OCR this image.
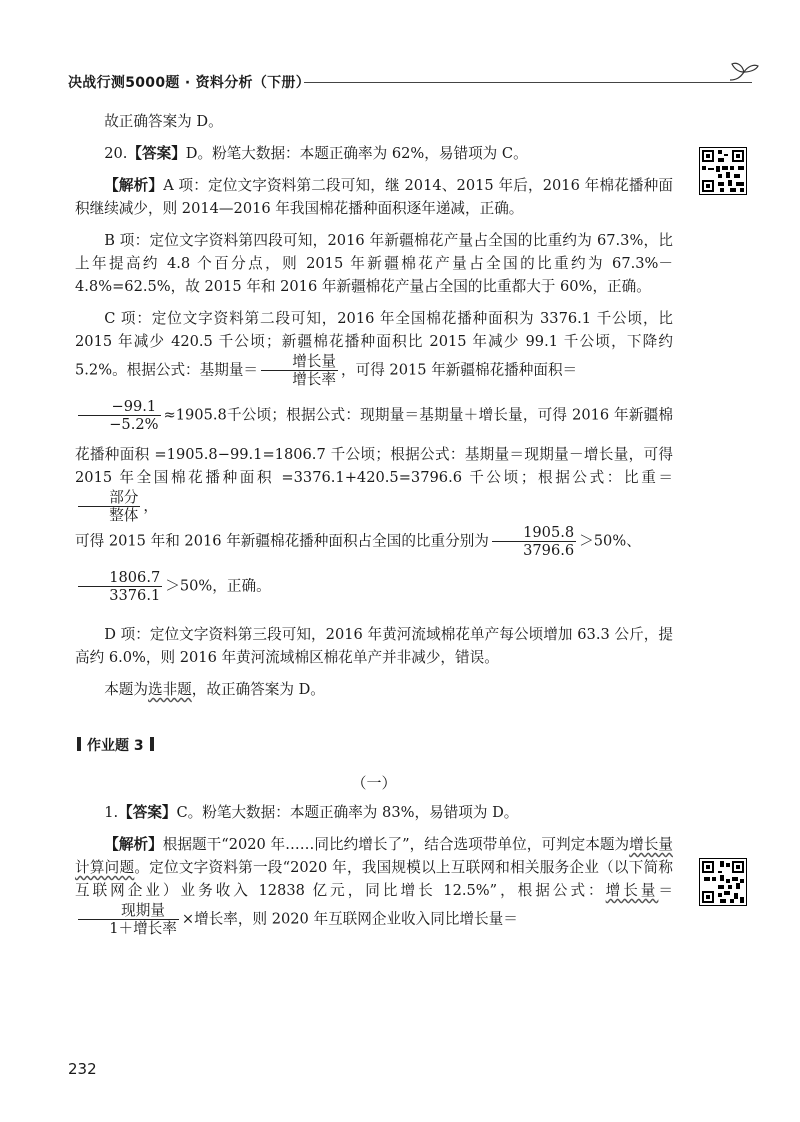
决战行测5000题 · 资料分析（下册）

故正确答案为 D。

20.【答案】D。粉笔大数据：本题正确率为 62%，易错项为 C。

【解析】A 项：定位文字资料第二段可知，继 2014、2015 年后，2016 年棉花播种面积继续减少，则 2014—2016 年我国棉花播种面积逐年递减，正确。

B 项：定位文字资料第四段可知，2016 年新疆棉花产量占全国的比重约为 67.3%，比上年提高约 4.8 个百分点，则 2015 年新疆棉花产量占全国的比重约为 67.3%－4.8%=62.5%，故 2015 年和 2016 年新疆棉花产量占全国的比重都大于 60%，正确。

C 项：定位文字资料第二段可知，2016 年全国棉花播种面积为 3376.1 千公顷，比 2015 年减少 420.5 千公顷；新疆棉花播种面积比 2015 年减少 99.1 千公顷，下降约 5.2%。根据公式：基期量＝ $\frac{\text{增长量}}{\text{增长率}}$ ，可得 2015 年新疆棉花播种面积＝

$\frac{-99.1}{-5.2\%} \approx 1905.8$千公顷；根据公式：现期量＝基期量＋增长量，可得 2016 年新疆棉花播种面积 =1905.8−99.1=1806.7 千公顷；根据公式：基期量＝现期量－增长量，可得 2015 年全国棉花播种面积 =3376.1+420.5=3796.6 千公顷；根据公式：比重＝
$\frac{\text{部分}}{\text{整体}}$ ，
可得 2015 年和 2016 年新疆棉花播种面积占全国的比重分别为 $\frac{1905.8}{3796.6} >50\%$、

$\frac{1806.7}{3376.1} >50\%$，正确。

D 项：定位文字资料第三段可知，2016 年黄河流域棉花单产每公顷增加 63.3 公斤，提高约 6.0%，则 2016 年黄河流域棉区棉花单产并非减少，错误。

本题为选非题，故正确答案为 D。

作业题 3
（一）

1.【答案】C。粉笔大数据：本题正确率为 83%，易错项为 D。

【解析】根据题干“2020 年……同比约增长了”，结合选项带单位，可判定本题为增长量计算问题。定位文字资料第一段“2020 年，我国规模以上互联网和相关服务企业（以下简称互联网企业）业务收入 12838 亿元，同比增长 12.5%”，根据公式：增长量＝
$\frac{\text{现期量}}{\text{1＋增长率}}$ ×增长率，则 2020 年互联网企业收入同比增长量＝

232
